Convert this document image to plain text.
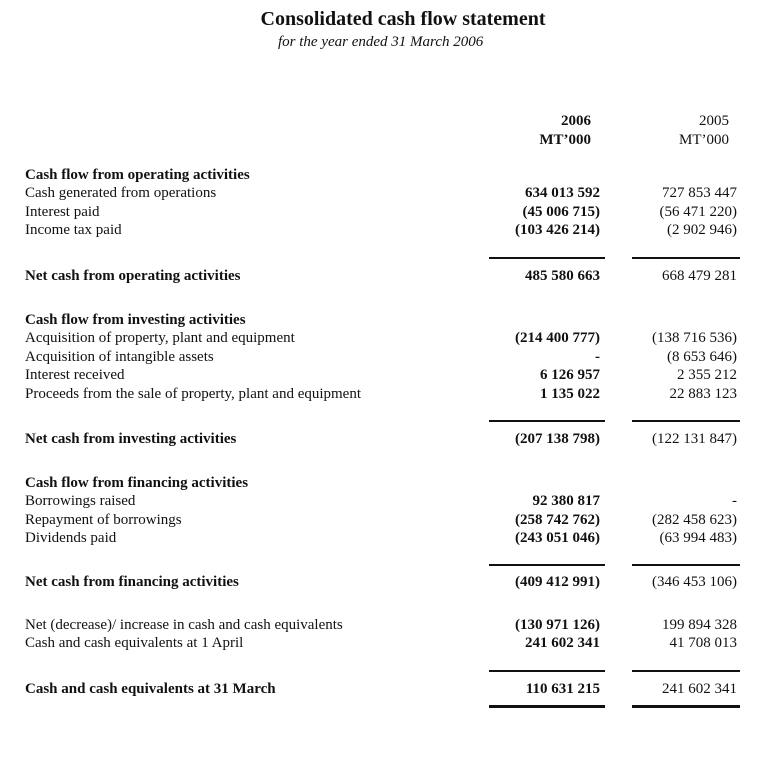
Consolidated cash flow statement
for the year ended 31 March 2006
2006
MT’000
2005
MT’000
Cash flow from operating activities
Cash generated from operations	634 013 592	727 853 447
Interest paid	(45 006 715)	(56 471 220)
Income tax paid	(103 426 214)	(2 902 946)
Net cash from operating activities	485 580 663	668 479 281
Cash flow from investing activities
Acquisition of property, plant and equipment	(214 400 777)	(138 716 536)
Acquisition of intangible assets	-	(8 653 646)
Interest received	6 126 957	2 355 212
Proceeds from the sale of property, plant and equipment	1 135 022	22 883 123
Net cash from investing activities	(207 138 798)	(122 131 847)
Cash flow from financing activities
Borrowings raised	92 380 817	-
Repayment of borrowings	(258 742 762)	(282 458 623)
Dividends paid	(243 051 046)	(63 994 483)
Net cash from financing activities	(409 412 991)	(346 453 106)
Net (decrease)/ increase in cash and cash equivalents	(130 971 126)	199 894 328
Cash and cash equivalents at 1 April	241 602 341	41 708 013
Cash and cash equivalents at 31 March	110 631 215	241 602 341
